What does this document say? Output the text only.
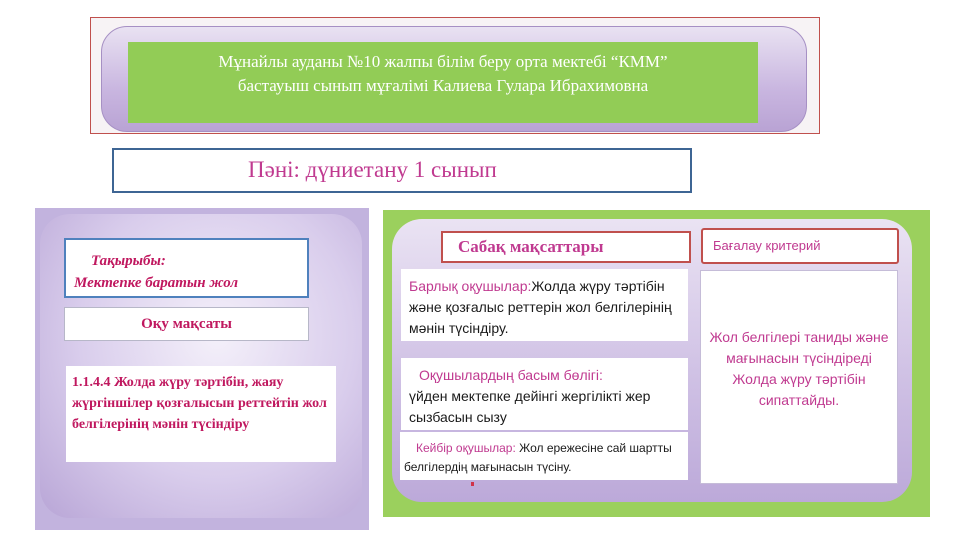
Мұнайлы ауданы №10 жалпы білім беру орта мектебі “КММ”
бастауыш сынып мұғалімі Калиева Гулара Ибрахимовна
Пәні: дүниетану 1 сынып
Тақырыбы:
Мектепке баратын жол
Оқу мақсаты
1.1.4.4 Жолда жүру тәртібін, жаяу жүргіншілер қозғалысын реттейтін жол белгілерінің мәнін түсіндіру
Сабақ мақсаттары	Бағалау критерий
Барлық оқушылар:Жолда жүру тәртібін және қозғалыс реттерін жол белгілерінің мәнін түсіндіру.
Оқушылардың басым бөлігі:
үйден мектепке дейінгі жергілікті жер сызбасын сызу
Кейбір оқушылар: Жол ережесіне сай шартты белгілердің мағынасын түсіну.
Жол белгілері таниды және мағынасын түсіндіреді
Жолда жүру тәртібін сипаттайды.
